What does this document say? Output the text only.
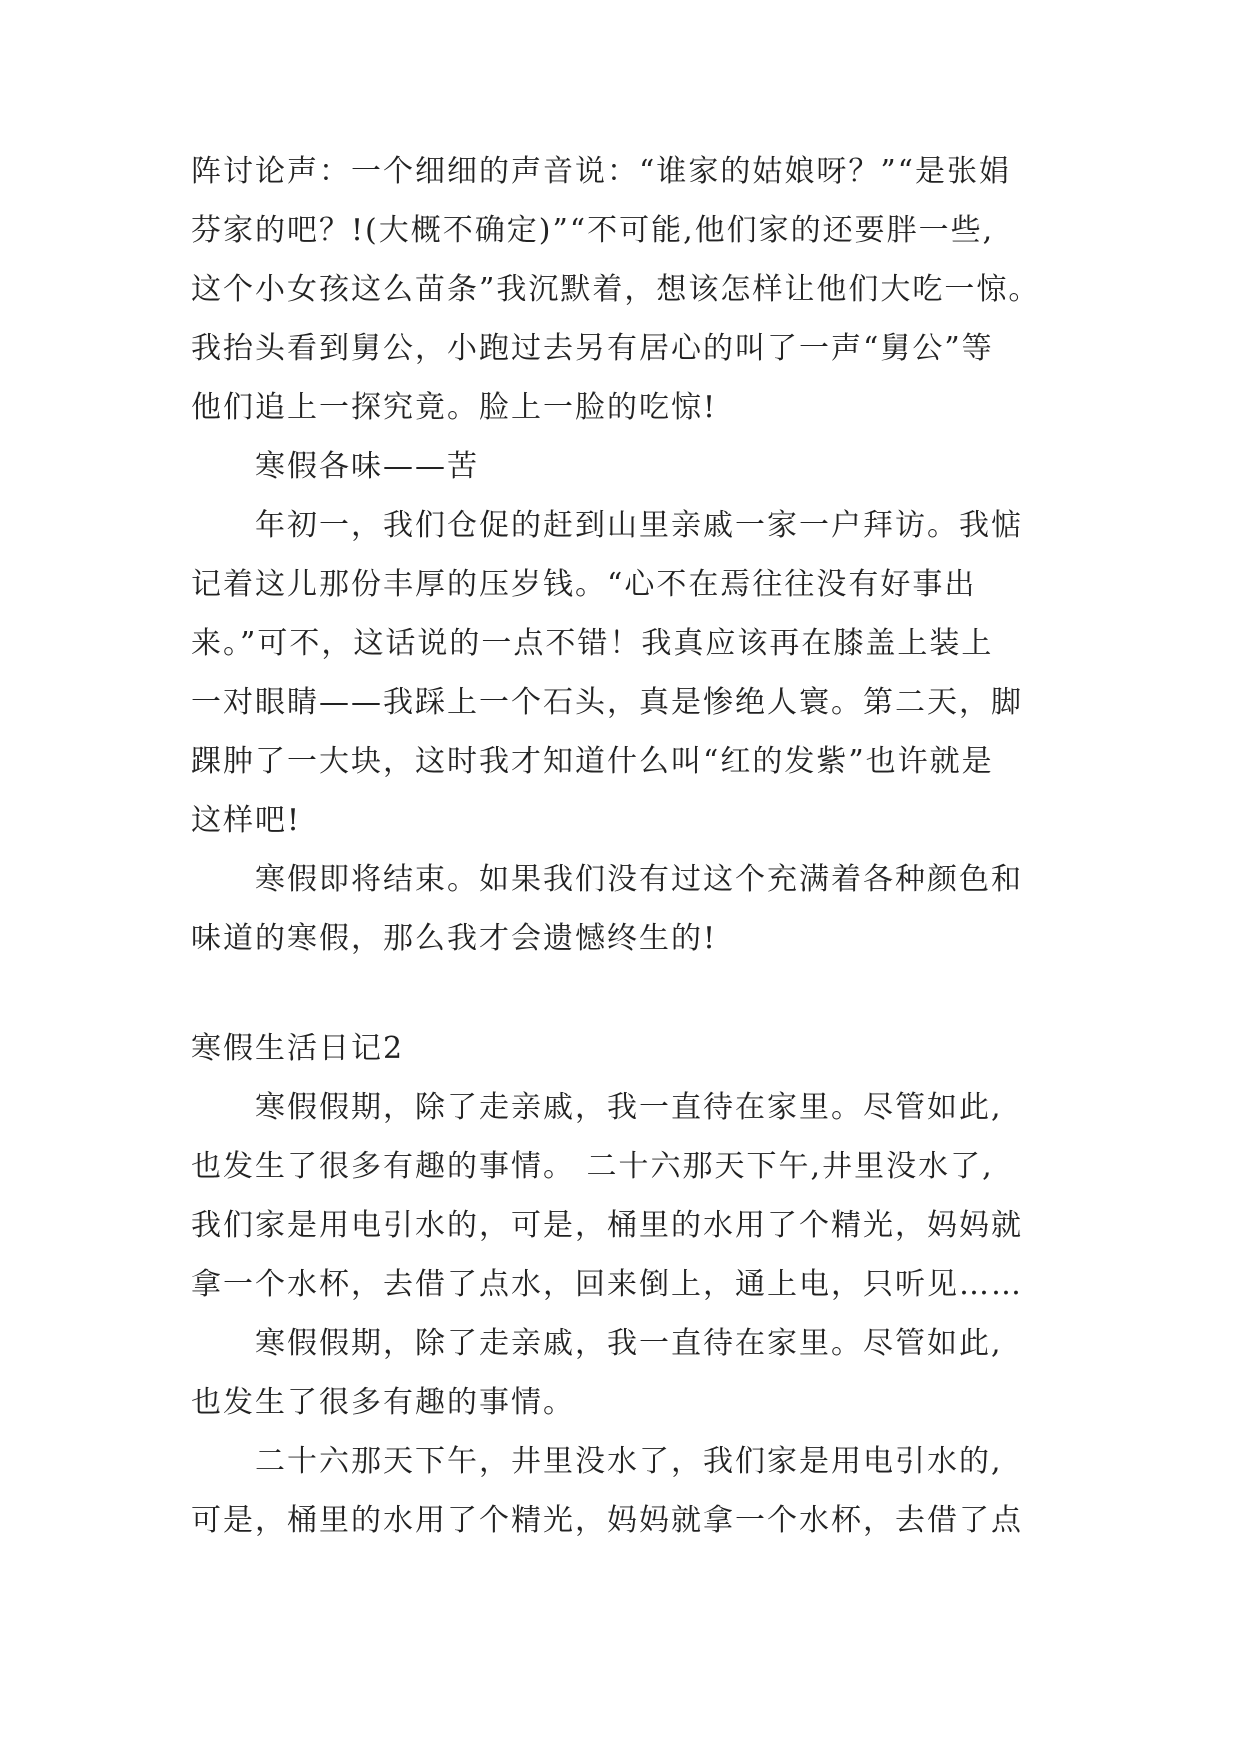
阵讨论声：一个细细的声音说：“谁家的姑娘呀？”“是张娟
芬家的吧？!(大概不确定)”“不可能,他们家的还要胖一些,
这个小女孩这么苗条”我沉默着，想该怎样让他们大吃一惊。
我抬头看到舅公，小跑过去另有居心的叫了一声“舅公”等
他们追上一探究竟。脸上一脸的吃惊!
寒假各味——苦
年初一，我们仓促的赶到山里亲戚一家一户拜访。我惦
记着这儿那份丰厚的压岁钱。“心不在焉往往没有好事出
来。”可不，这话说的一点不错！我真应该再在膝盖上装上
一对眼睛——我踩上一个石头，真是惨绝人寰。第二天，脚
踝肿了一大块，这时我才知道什么叫“红的发紫”也许就是
这样吧!
寒假即将结束。如果我们没有过这个充满着各种颜色和
味道的寒假，那么我才会遗憾终生的!
寒假生活日记2
寒假假期，除了走亲戚，我一直待在家里。尽管如此,
也发生了很多有趣的事情。 二十六那天下午,井里没水了,
我们家是用电引水的，可是，桶里的水用了个精光，妈妈就
拿一个水杯，去借了点水，回来倒上，通上电，只听见……
寒假假期，除了走亲戚，我一直待在家里。尽管如此,
也发生了很多有趣的事情。
二十六那天下午，井里没水了，我们家是用电引水的,
可是，桶里的水用了个精光，妈妈就拿一个水杯，去借了点
